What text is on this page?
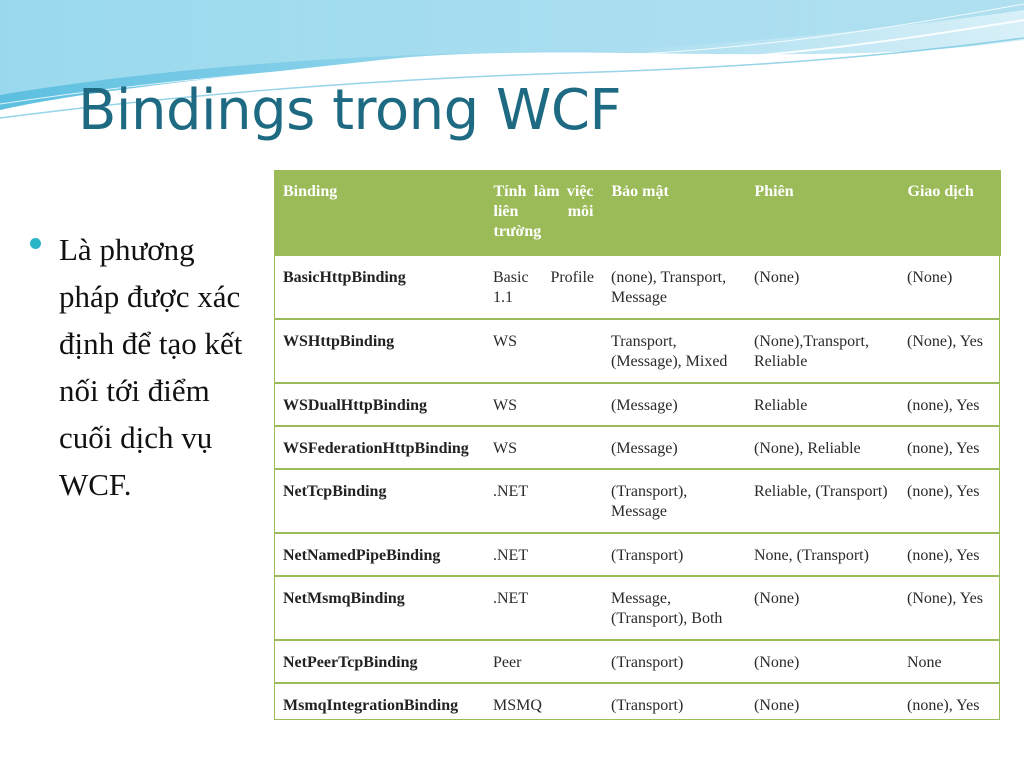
Bindings trong WCF
Là phương pháp được xác định để tạo kết nối tới điểm cuối dịch vụ WCF.
Binding	Tính làm việc liên môi trường	Bảo mật	Phiên	Giao dịch
BasicHttpBinding	Basic Profile 1.1	(none), Transport, Message	(None)	(None)
WSHttpBinding	WS	Transport, (Message), Mixed	(None),Transport, Reliable	(None), Yes
WSDualHttpBinding	WS	(Message)	Reliable	(none), Yes
WSFederationHttpBinding	WS	(Message)	(None), Reliable	(none), Yes
NetTcpBinding	.NET	(Transport), Message	Reliable, (Transport)	(none), Yes
NetNamedPipeBinding	.NET	(Transport)	None, (Transport)	(none), Yes
NetMsmqBinding	.NET	Message, (Transport), Both	(None)	(None), Yes
NetPeerTcpBinding	Peer	(Transport)	(None)	None
MsmqIntegrationBinding	MSMQ	(Transport)	(None)	(none), Yes
